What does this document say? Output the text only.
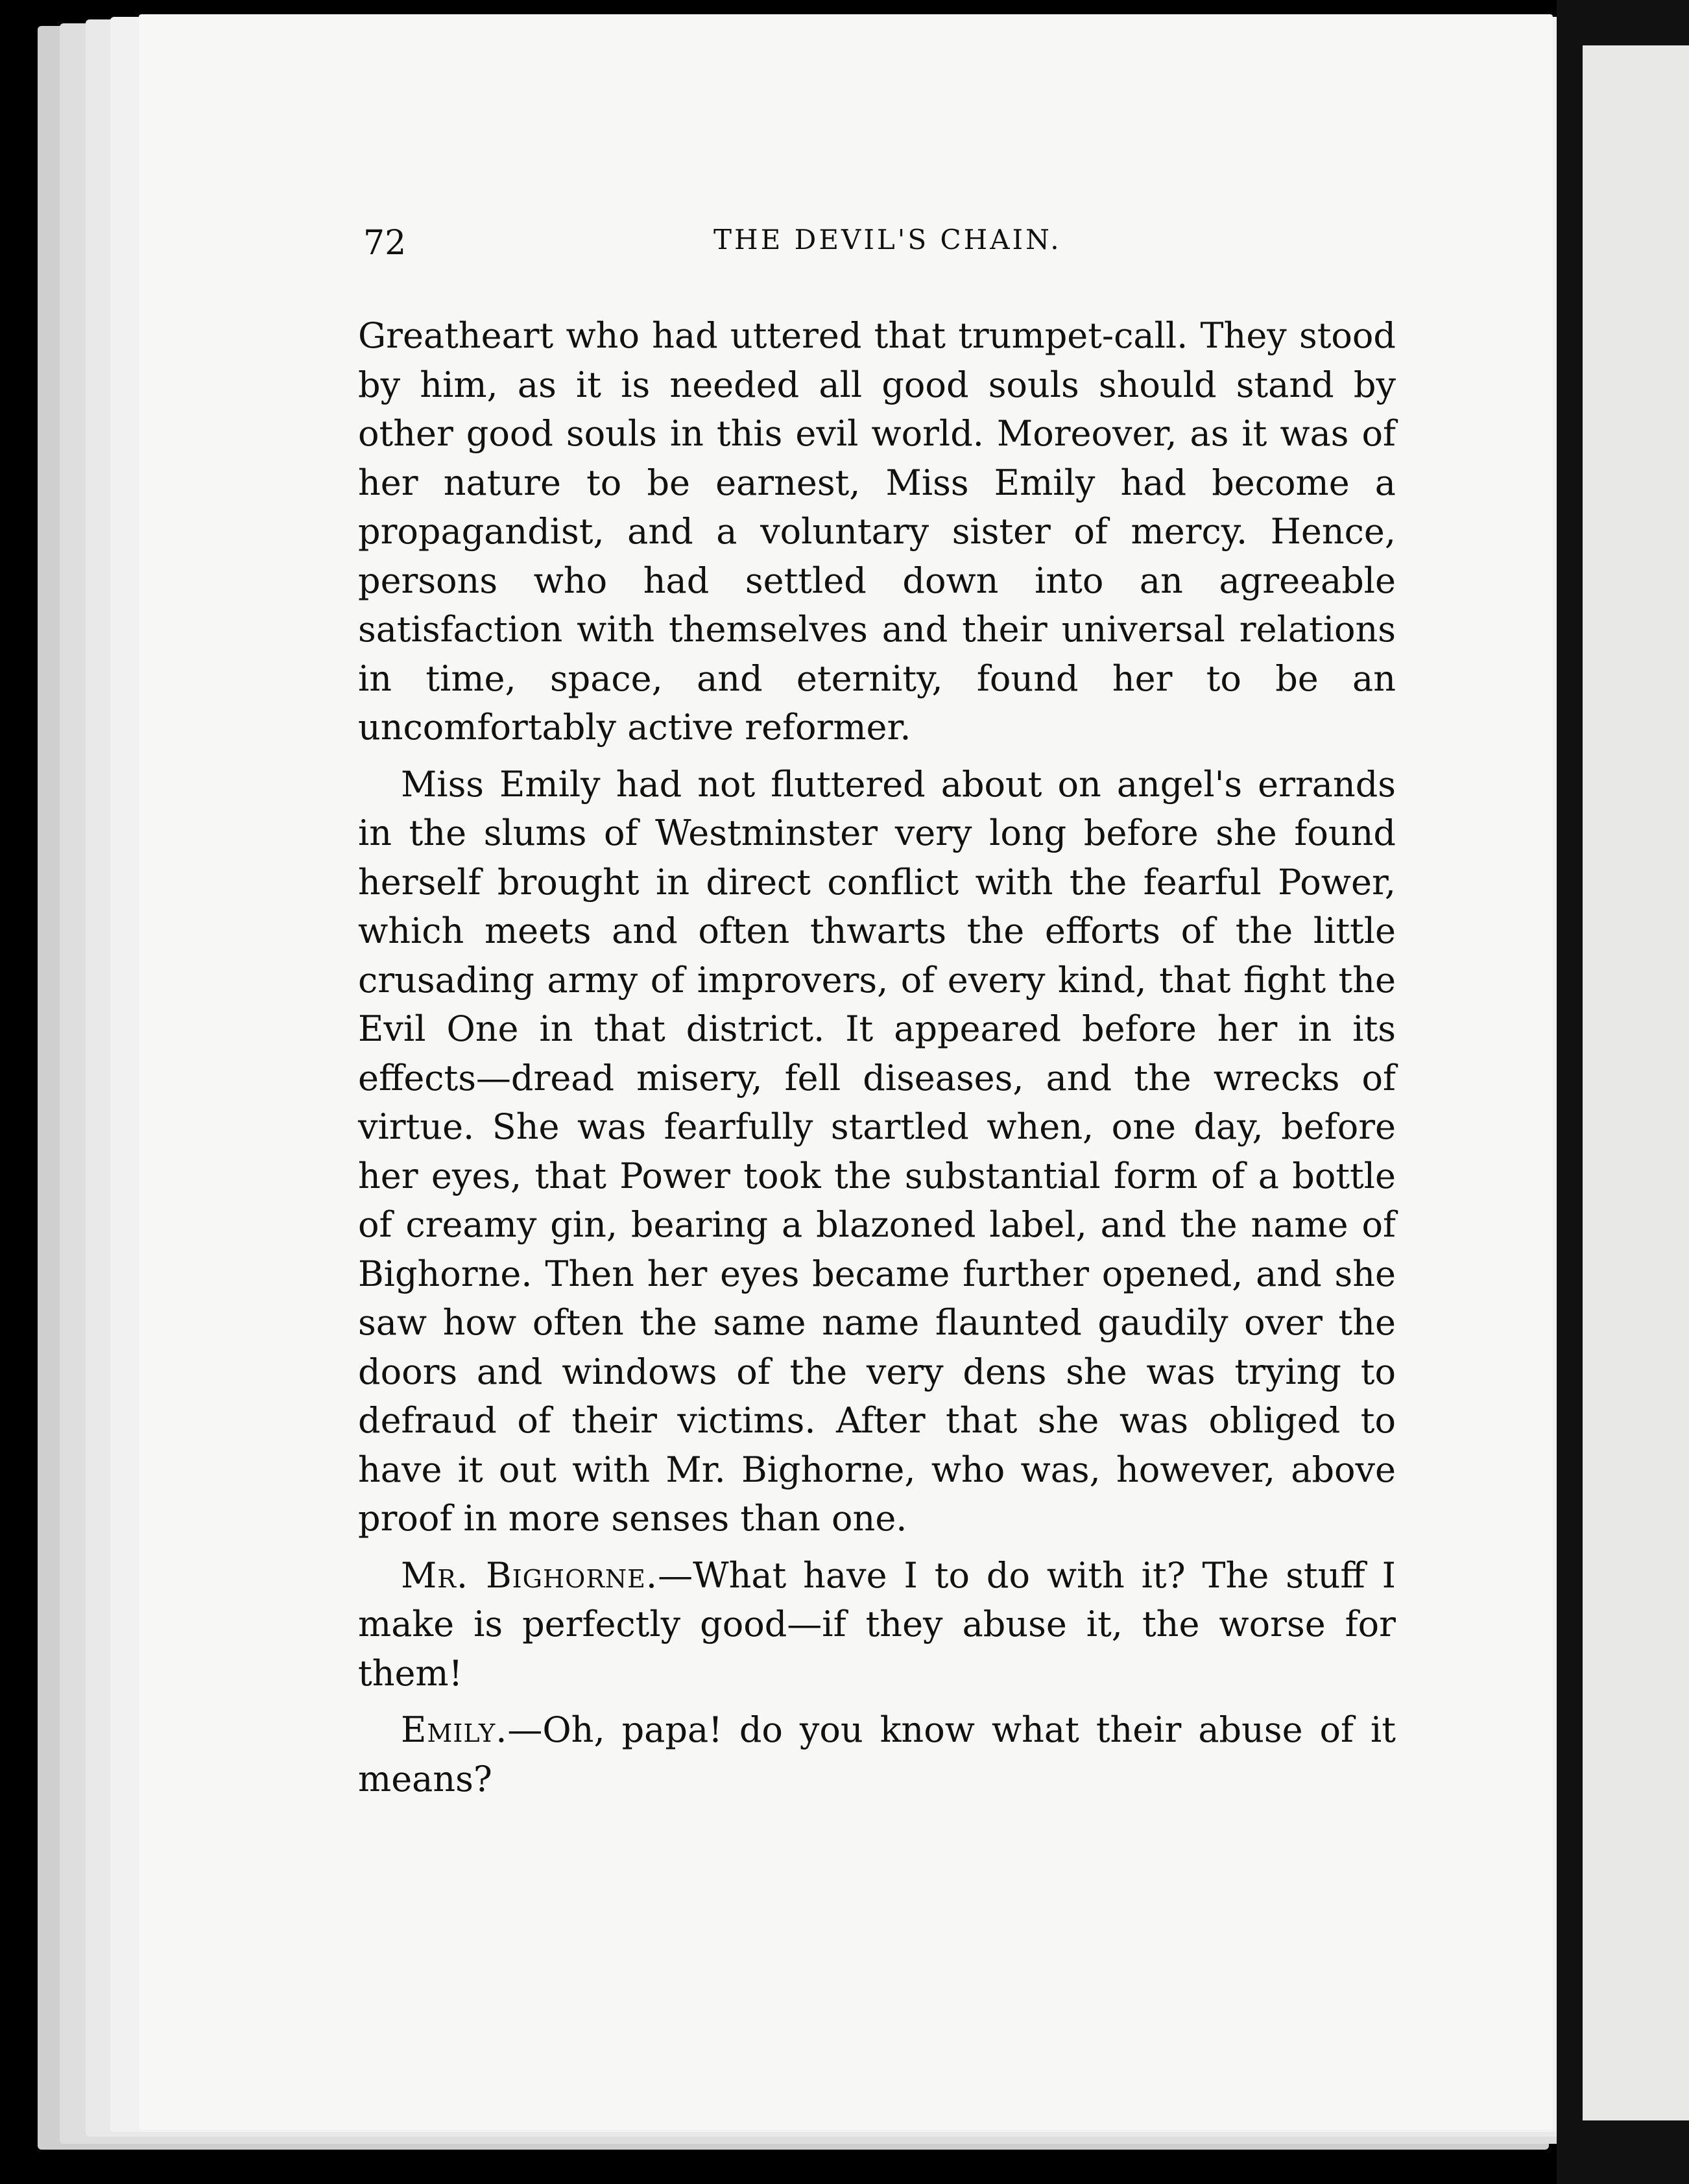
72	THE DEVIL'S CHAIN.

Greatheart who had uttered that trumpet-call. They stood by him, as it is needed all good souls should stand by other good souls in this evil world. Moreover, as it was of her nature to be earnest, Miss Emily had become a propagandist, and a voluntary sister of mercy. Hence, persons who had settled down into an agreeable satisfaction with themselves and their universal relations in time, space, and eternity, found her to be an uncomfortably active reformer.

Miss Emily had not fluttered about on angel's errands in the slums of Westminster very long before she found herself brought in direct conflict with the fearful Power, which meets and often thwarts the efforts of the little crusading army of improvers, of every kind, that fight the Evil One in that district. It appeared before her in its effects—dread misery, fell diseases, and the wrecks of virtue. She was fearfully startled when, one day, before her eyes, that Power took the substantial form of a bottle of creamy gin, bearing a blazoned label, and the name of Bighorne. Then her eyes became further opened, and she saw how often the same name flaunted gaudily over the doors and windows of the very dens she was trying to defraud of their victims. After that she was obliged to have it out with Mr. Bighorne, who was, however, above proof in more senses than one.

Mr. Bighorne.—What have I to do with it? The stuff I make is perfectly good—if they abuse it, the worse for them!

Emily.—Oh, papa! do you know what their abuse of it means?
